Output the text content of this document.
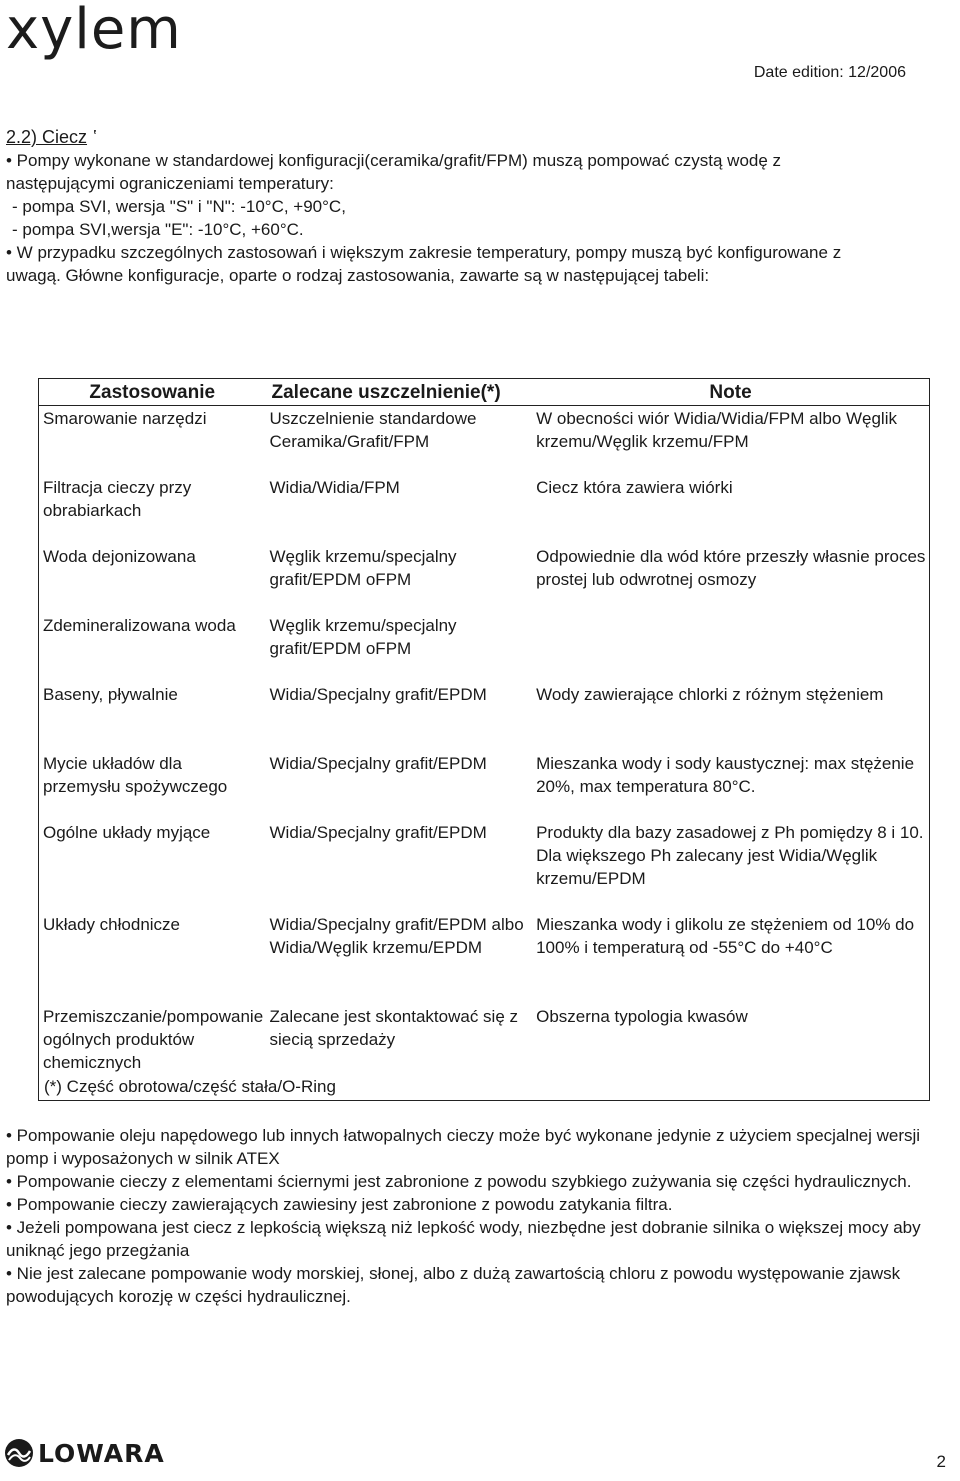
xylem
Date edition: 12/2006
2.2) Ciecz ‛

• Pompy wykonane w standardowej konfiguracji(ceramika/grafit/FPM) muszą pompować czystą wodę z

następującymi ograniczeniami temperatury:

- pompa SVI, wersja "S" i "N": -10°C, +90°C,

- pompa SVI,wersja "E": -10°C, +60°C.

• W przypadku szczególnych zastosowań i większym zakresie temperatury, pompy muszą być konfigurowane z

uwagą. Główne konfiguracje, oparte o rodzaj zastosowania, zawarte są w następującej tabeli:

Zastosowanie	Zalecane uszczelnienie(*)	Note
Smarowanie narzędzi	Uszczelnienie standardowe Ceramika/Grafit/FPM	W obecności wiór Widia/Widia/FPM albo Węglik krzemu/Węglik krzemu/FPM
Filtracja cieczy przy obrabiarkach	Widia/Widia/FPM	Ciecz która zawiera wiórki
Woda dejonizowana	Węglik krzemu/specjalny grafit/EPDM oFPM	Odpowiednie dla wód które przeszły własnie proces prostej lub odwrotnej osmozy
Zdemineralizowana woda	Węglik krzemu/specjalny grafit/EPDM oFPM	
Baseny, pływalnie	Widia/Specjalny grafit/EPDM	Wody zawierające chlorki z różnym stężeniem
Mycie układów dla przemysłu spożywczego	Widia/Specjalny grafit/EPDM	Mieszanka wody i sody kaustycznej: max stężenie 20%, max temperatura 80°C.
Ogólne układy myjące	Widia/Specjalny grafit/EPDM	Produkty dla bazy zasadowej z Ph pomiędzy 8 i 10. Dla większego Ph zalecany jest Widia/Węglik krzemu/EPDM
Układy chłodnicze	Widia/Specjalny grafit/EPDM albo Widia/Węglik krzemu/EPDM	Mieszanka wody i glikolu ze stężeniem od 10% do 100% i temperaturą od -55°C do +40°C
Przemiszczanie/pompowanie ogólnych produktów chemicznych	Zalecane jest skontaktować się z siecią sprzedaży	Obszerna typologia kwasów
(*) Część obrotowa/część stała/O-Ring

• Pompowanie oleju napędowego lub innych łatwopalnych cieczy może być wykonane jedynie z użyciem specjalnej wersji pomp i wyposażonych w silnik ATEX

• Pompowanie cieczy z elementami ściernymi jest zabronione z powodu szybkiego zużywania się części hydraulicznych.

• Pompowanie cieczy zawierających zawiesiny jest zabronione z powodu zatykania filtra.

• Jeżeli pompowana jest ciecz z lepkością większą niż lepkość wody, niezbędne jest dobranie silnika o większej mocy aby uniknąć jego przegżania

• Nie jest zalecane pompowanie wody morskiej, słonej, albo z dużą zawartością chloru z powodu występowanie zjawsk powodujących korozję w części hydraulicznej.

LOWARA	2
